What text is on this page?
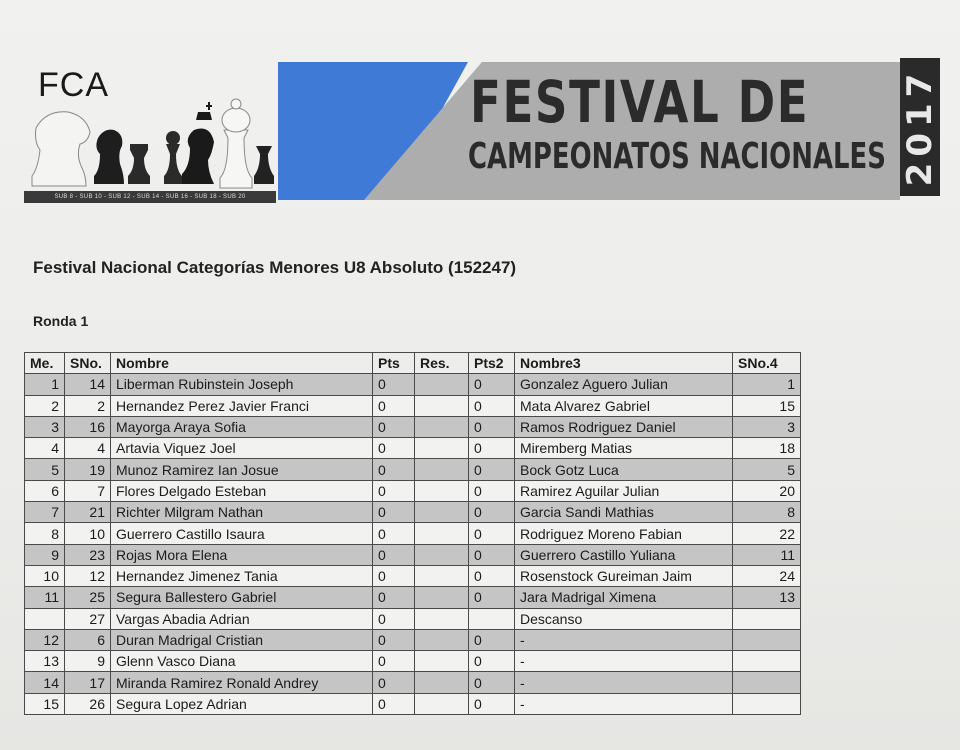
FCA
SUB 8 - SUB 10 - SUB 12 - SUB 14 - SUB 16 - SUB 18 - SUB 20
FESTIVAL DE
CAMPEONATOS NACIONALES 2017
Festival Nacional Categorías Menores U8 Absoluto (152247)
Ronda 1
Me.	SNo.	Nombre	Pts	Res.	Pts2	Nombre3	SNo.4
1	14	Liberman Rubinstein Joseph	0		0	Gonzalez Aguero Julian	1
2	2	Hernandez Perez Javier Franci	0		0	Mata Alvarez Gabriel	15
3	16	Mayorga Araya Sofia	0		0	Ramos Rodriguez Daniel	3
4	4	Artavia Viquez Joel	0		0	Miremberg Matias	18
5	19	Munoz Ramirez Ian Josue	0		0	Bock Gotz Luca	5
6	7	Flores Delgado Esteban	0		0	Ramirez Aguilar Julian	20
7	21	Richter Milgram Nathan	0		0	Garcia Sandi Mathias	8
8	10	Guerrero Castillo Isaura	0		0	Rodriguez Moreno Fabian	22
9	23	Rojas Mora Elena	0		0	Guerrero Castillo Yuliana	11
10	12	Hernandez Jimenez Tania	0		0	Rosenstock Gureiman Jaim	24
11	25	Segura Ballestero Gabriel	0		0	Jara Madrigal Ximena	13
	27	Vargas Abadia Adrian	0			Descanso	
12	6	Duran Madrigal Cristian	0		0	-	
13	9	Glenn Vasco Diana	0		0	-	
14	17	Miranda Ramirez Ronald Andrey	0		0	-	
15	26	Segura Lopez Adrian	0		0	-	
